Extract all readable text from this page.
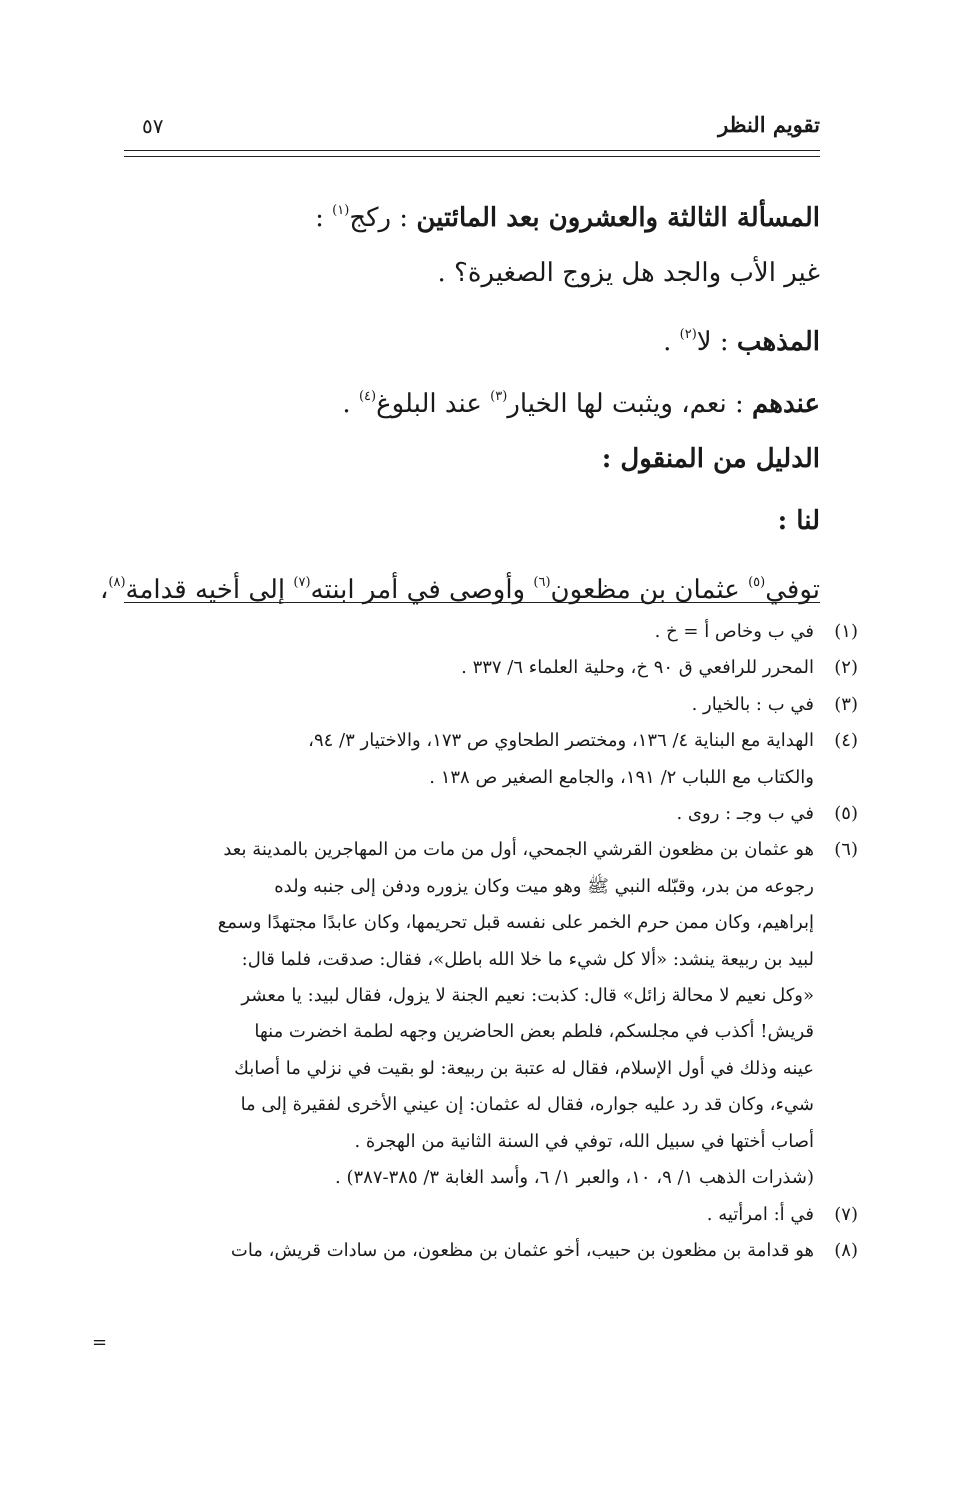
تقويم النظر
٥٧
المسألة الثالثة والعشرون بعد المائتين : ركج$^{(١)}$ :
غير الأب والجد هل يزوج الصغيرة؟ .
المذهب : لا$^{(٢)}$ .
عندهم : نعم، ويثبت لها الخيار$^{(٣)}$ عند البلوغ$^{(٤)}$ .
الدليل من المنقول :
لنا :
توفي$^{(٥)}$ عثمان بن مظعون$^{(٦)}$ وأوصى في أمر ابنته$^{(٧)}$ إلى أخيه قدامة$^{(٨)}$،
(١)
في ب وخاص أ = خ .
(٢)
المحرر للرافعي ق ٩٠ خ، وحلية العلماء ٦/ ٣٣٧ .
(٣)
في ب : بالخيار .
(٤)
الهداية مع البناية ٤/ ١٣٦، ومختصر الطحاوي ص ١٧٣، والاختيار ٣/ ٩٤،
والكتاب مع اللباب ٢/ ١٩١، والجامع الصغير ص ١٣٨ .
(٥)
في ب وجـ : روى .
(٦)
هو عثمان بن مظعون القرشي الجمحي، أول من مات من المهاجرين بالمدينة بعد
رجوعه من بدر، وقبّله النبي ﷺ وهو ميت وكان يزوره ودفن إلى جنبه ولده
إبراهيم، وكان ممن حرم الخمر على نفسه قبل تحريمها، وكان عابدًا مجتهدًا وسمع
لبيد بن ربيعة ينشد: «ألا كل شيء ما خلا الله باطل»، فقال: صدقت، فلما قال:
«وكل نعيم لا محالة زائل» قال: كذبت: نعيم الجنة لا يزول، فقال لبيد: يا معشر
قريش! أكذب في مجلسكم، فلطم بعض الحاضرين وجهه لطمة اخضرت منها
عينه وذلك في أول الإسلام، فقال له عتبة بن ربيعة: لو بقيت في نزلي ما أصابك
شيء، وكان قد رد عليه جواره، فقال له عثمان: إن عيني الأخرى لفقيرة إلى ما
أصاب أختها في سبيل الله، توفي في السنة الثانية من الهجرة .
(شذرات الذهب ١/ ٩، ١٠، والعبر ١/ ٦، وأسد الغابة ٣/ ٣٨٥-٣٨٧) .
(٧)
في أ: امرأتيه .
(٨)
هو قدامة بن مظعون بن حبيب، أخو عثمان بن مظعون، من سادات قريش، مات
=
